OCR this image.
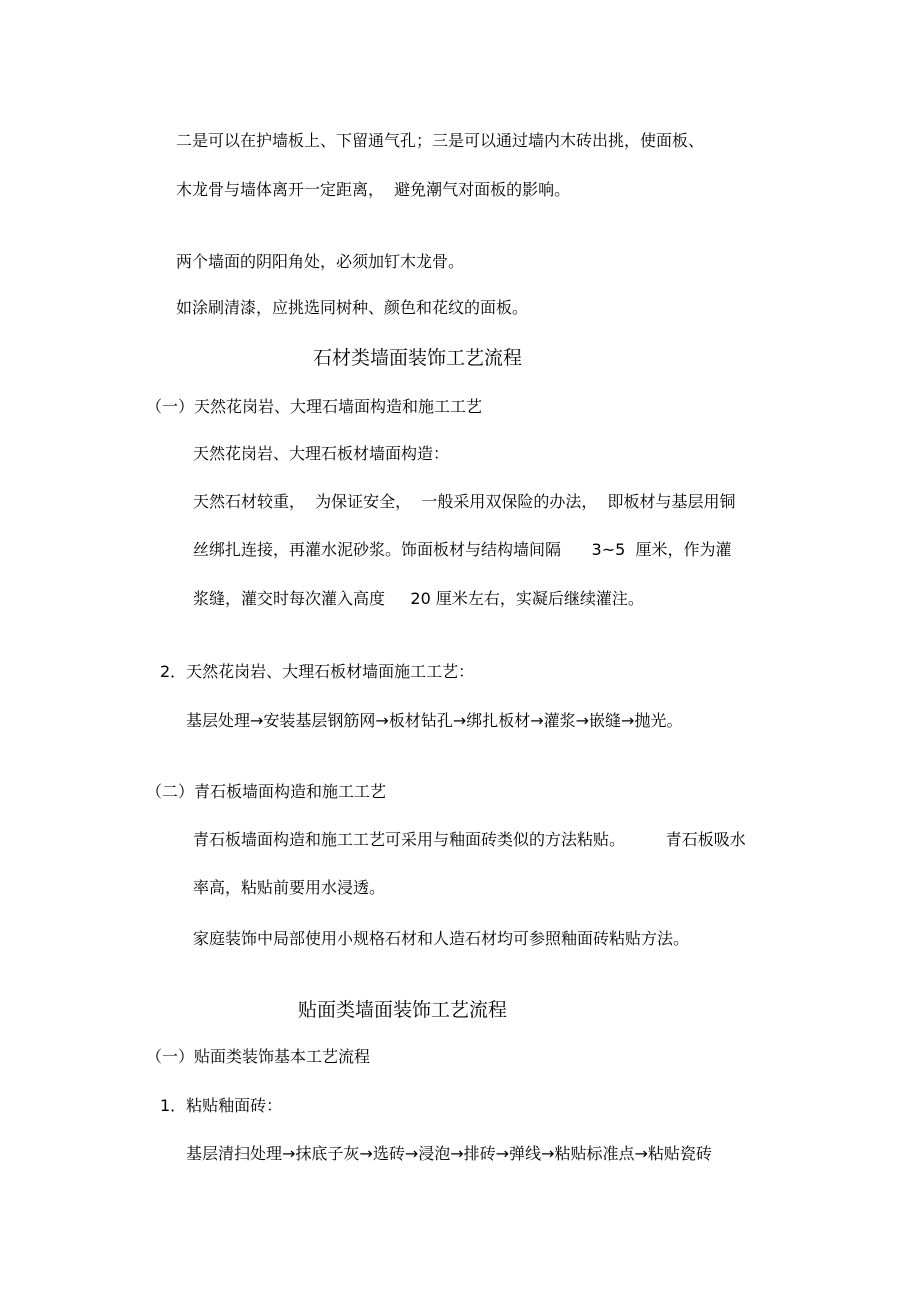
二是可以在护墙板上、下留通气孔；三是可以通过墙内木砖出挑，使面板、

木龙骨与墙体离开一定距离，  避免潮气对面板的影响。

两个墙面的阴阳角处，必须加钉木龙骨。

如涂刷清漆，应挑选同树种、颜色和花纹的面板。

石材类墙面装饰工艺流程

（一）天然花岗岩、大理石墙面构造和施工工艺

天然花岗岩、大理石板材墙面构造：

天然石材较重，  为保证安全，  一般采用双保险的办法，  即板材与基层用铜

丝绑扎连接，再灌水泥砂浆。饰面板材与结构墙间隔      3~5  厘米，作为灌

浆缝，灌交时每次灌入高度     20 厘米左右，实凝后继续灌注。

2．天然花岗岩、大理石板材墙面施工工艺：

基层处理→安装基层钢筋网→板材钻孔→绑扎板材→灌浆→嵌缝→抛光。

（二）青石板墙面构造和施工工艺

青石板墙面构造和施工工艺可采用与釉面砖类似的方法粘贴。        青石板吸水

率高，粘贴前要用水浸透。

家庭装饰中局部使用小规格石材和人造石材均可参照釉面砖粘贴方法。

贴面类墙面装饰工艺流程

（一）贴面类装饰基本工艺流程

1．粘贴釉面砖：

基层清扫处理→抹底子灰→选砖→浸泡→排砖→弹线→粘贴标准点→粘贴瓷砖
